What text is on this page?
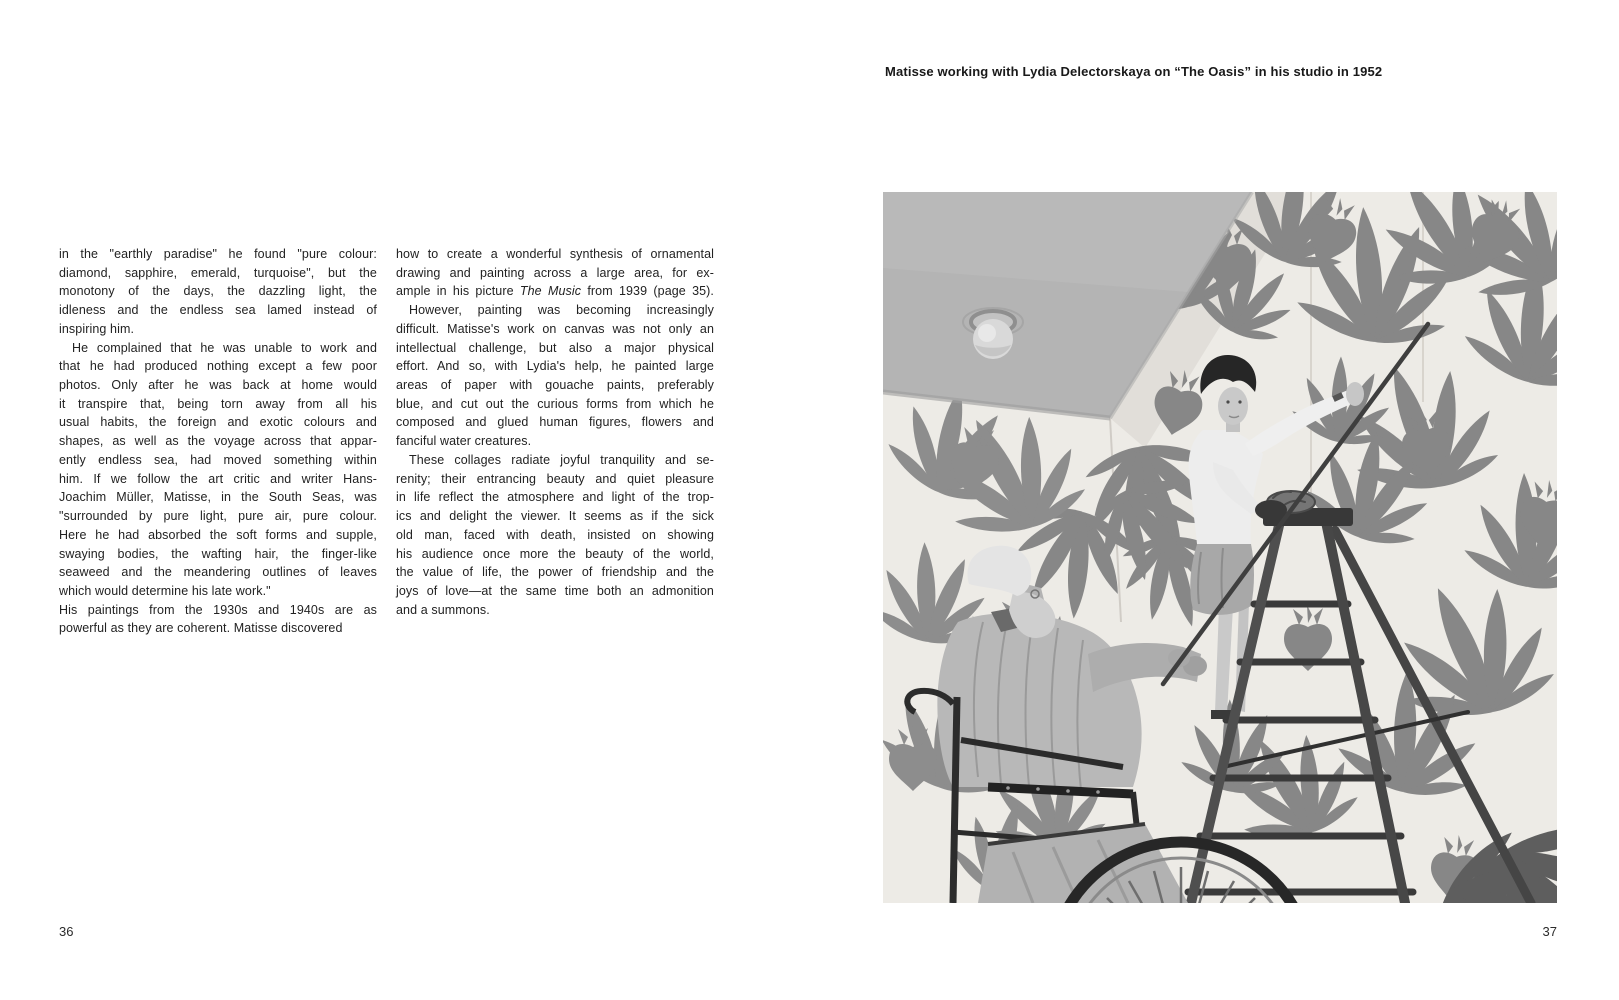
in the "earthly paradise" he found "pure colour:
diamond, sapphire, emerald, turquoise", but the
monotony of the days, the dazzling light, the
idleness and the endless sea lamed instead of
inspiring him.
He complained that he was unable to work and
that he had produced nothing except a few poor
photos. Only after he was back at home would
it transpire that, being torn away from all his
usual habits, the foreign and exotic colours and
shapes, as well as the voyage across that appar-
ently endless sea, had moved something within
him. If we follow the art critic and writer Hans-
Joachim Müller, Matisse, in the South Seas, was
"surrounded by pure light, pure air, pure colour.
Here he had absorbed the soft forms and supple,
swaying bodies, the wafting hair, the finger-like
seaweed and the meandering outlines of leaves
which would determine his late work."
His paintings from the 1930s and 1940s are as
powerful as they are coherent. Matisse discovered
how to create a wonderful synthesis of ornamental
drawing and painting across a large area, for ex-
ample in his picture The Music from 1939 (page 35).
However, painting was becoming increasingly
difficult. Matisse's work on canvas was not only an
intellectual challenge, but also a major physical
effort. And so, with Lydia's help, he painted large
areas of paper with gouache paints, preferably
blue, and cut out the curious forms from which he
composed and glued human figures, flowers and
fanciful water creatures.
These collages radiate joyful tranquility and se-
renity; their entrancing beauty and quiet pleasure
in life reflect the atmosphere and light of the trop-
ics and delight the viewer. It seems as if the sick
old man, faced with death, insisted on showing
his audience once more the beauty of the world,
the value of life, the power of friendship and the
joys of love—at the same time both an admonition
and a summons.
36
Matisse working with Lydia Delectorskaya on “The Oasis” in his studio in 1952
37
